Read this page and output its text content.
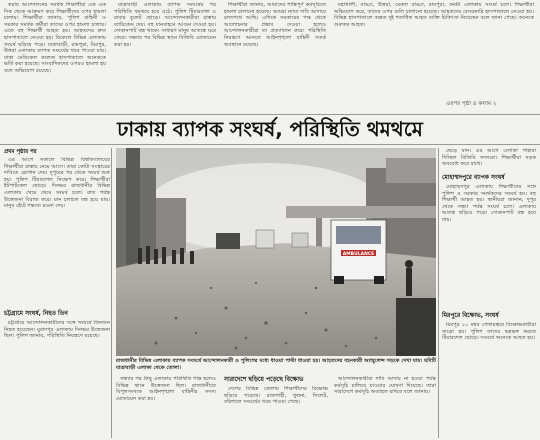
করায় আন্দোলনের সমর্থক শিক্ষার্থীরা এক এক দিক থেকে আক্রমণ করে শিক্ষার্থীদের ওপর হামলা চালায়। শিক্ষার্থীরা জানায়, পুলিশ বাহিনী ও সরকার সমর্থক কর্মীরা তাদের ওপর হামলা চালায়। এতে বহু শিক্ষার্থী আহত হয়। আহতদের দ্রুত হাসপাতালে নেওয়া হয়। বিকেলে বিভিন্ন এলাকায় সংঘর্ষ ছড়িয়ে পড়ে। যাত্রাবাড়ী, রামপুরা, মিরপুর, উত্তরা এলাকায় ব্যাপক সংঘর্ষের খবর পাওয়া যায়। ঢাকা মেডিকেল কলেজ হাসপাতালে অনেককে ভর্তি করা হয়েছে। সাংবাদিকদের ওপরও হামলা হয় বলে অভিযোগ রয়েছে।

যাত্রাবাড়ী এলাকায় ব্যাপক সংঘর্ষের পর পরিস্থিতি থমথমে হয়ে ওঠে। পুলিশ টিয়ারশেল ও রাবার বুলেট ছোড়ে। আন্দোলনকারীরা রাস্তায় ব্যারিকেড দেয়। বহু যানবাহনে আগুন দেওয়া হয়। দোকানপাট বন্ধ থাকে। সাধারণ মানুষ আতঙ্কে ঘরে ফেরে। সন্ধ্যার পর বিভিন্ন স্থানে বিজিবি মোতায়েন করা হয়।

শিক্ষার্থীরা জানায়, আমাদের শান্তিপূর্ণ কর্মসূচিতে হামলা চালানো হয়েছে। আমরা ন্যায্য দাবি আদায়ে রাজপথে আছি। এদিকে সরকারের পক্ষ থেকে আলোচনার প্রস্তাব দেওয়া হলেও আন্দোলনকারীরা তা প্রত্যাখ্যান করে। পরিস্থিতি নিয়ন্ত্রণে আনতে আইনশৃঙ্খলা বাহিনী সতর্ক অবস্থানে রয়েছে।

মহাখালী, বাড্ডা, উত্তরা, মেরুল বাড্ডা, রামপুরা, বনশ্রী এলাকায় সংঘর্ষ চলে। শিক্ষার্থীরা অভিযোগ করে, তাদের ওপর গুলি চালানো হয়েছে। আহতদের বেসরকারি হাসপাতালে নেওয়া হয়। বিভিন্ন হাসপাতালে অন্তত দুই শতাধিক আহত ব্যক্তি চিকিৎসা নিয়েছেন বলে জানা গেছে। অনেকে গুরুতর আহত।

এরপর পৃষ্ঠা ৪ কলাম ২
ঢাকায় ব্যাপক সংঘর্ষ, পরিস্থিতি থমথমে
প্রথম পৃষ্ঠার পর

এর আগে সকালে বিভিন্ন বিশ্ববিদ্যালয়ের শিক্ষার্থীরা রাস্তায় নেমে আসে। তারা কোটা সংস্কারের দাবিতে স্লোগান দেয়। দুপুরের পর থেকে সংঘর্ষ শুরু হয়। পুলিশ টিয়ারশেল নিক্ষেপ করে। শিক্ষার্থীরা ইটপাটকেল ছোড়ে। দিনভর রাজধানীর বিভিন্ন এলাকায় থেমে থেমে সংঘর্ষ চলে। রাত পর্যন্ত উত্তেজনা বিরাজ করে। যান চলাচল বন্ধ হয়ে যায়। মানুষ হেঁটে গন্তব্যে রওনা দেয়।

চট্টগ্রামে সংঘর্ষ, নিহত তিন

চট্টগ্রামে আন্দোলনকারীদের সঙ্গে সংঘর্ষে তিনজন নিহত হয়েছেন। মুরাদপুর এলাকায় দিনভর উত্তেজনা ছিল। পুলিশ জানায়, পরিস্থিতি নিয়ন্ত্রণে রয়েছে।

AMBULANCE
রাজধানীর বিভিন্ন এলাকায় ব্যাপক সংঘর্ষে আন্দোলনকারী ও পুলিশের মধ্যে ধাওয়া পাল্টা ধাওয়া হয়। আহতদের বহনকারী অ্যাম্বুলেন্স সড়কে দেখা যায়। ছবিটি যাত্রাবাড়ী এলাকা থেকে তোলা।

ছেড়ে যান। এর আগে এলাকা পাহারা দিচ্ছিল বিজিবি সদস্যরা। শিক্ষার্থীরা সড়ক অবরোধ করে রাখে।

মোহাম্মদপুরে ব্যাপক সংঘর্ষ

মোহাম্মদপুর এলাকায় শিক্ষার্থীদের সঙ্গে পুলিশ ও সরকার সমর্থকদের সংঘর্ষ হয়। বহু শিক্ষার্থী আহত হয়। স্থানীয়রা জানান, দুপুর থেকে সন্ধ্যা পর্যন্ত সংঘর্ষ চলে। এলাকায় আতঙ্ক ছড়িয়ে পড়ে। দোকানপাট বন্ধ হয়ে যায়।

মিরপুরে বিক্ষোভ, সংঘর্ষ

মিরপুর ১০ নম্বর গোলচত্বরে বিক্ষোভকারীরা জড়ো হয়। পুলিশ তাদের ছত্রভঙ্গ করতে টিয়ারশেল ছোড়ে। সংঘর্ষে অনেকে আহত হয়।

সন্ধ্যার পর কিছু এলাকায় পরিস্থিতি শান্ত হলেও বিভিন্ন স্থানে উত্তেজনা ছিল। রাজধানীতে বিপুলসংখ্যক আইনশৃঙ্খলা বাহিনীর সদস্য মোতায়েন করা হয়।

সারাদেশে ছড়িয়ে পড়েছে বিক্ষোভ

দেশের বিভিন্ন জেলায় শিক্ষার্থীদের বিক্ষোভ ছড়িয়ে পড়েছে। রাজশাহী, খুলনা, সিলেট, বরিশালে সংঘর্ষের খবর পাওয়া গেছে।

আন্দোলনকারীরা দাবি আদায় না হওয়া পর্যন্ত কর্মসূচি চালিয়ে যাওয়ার ঘোষণা দিয়েছে। তারা সারাদেশে কর্মসূচি অব্যাহত রাখবে বলে জানায়।
